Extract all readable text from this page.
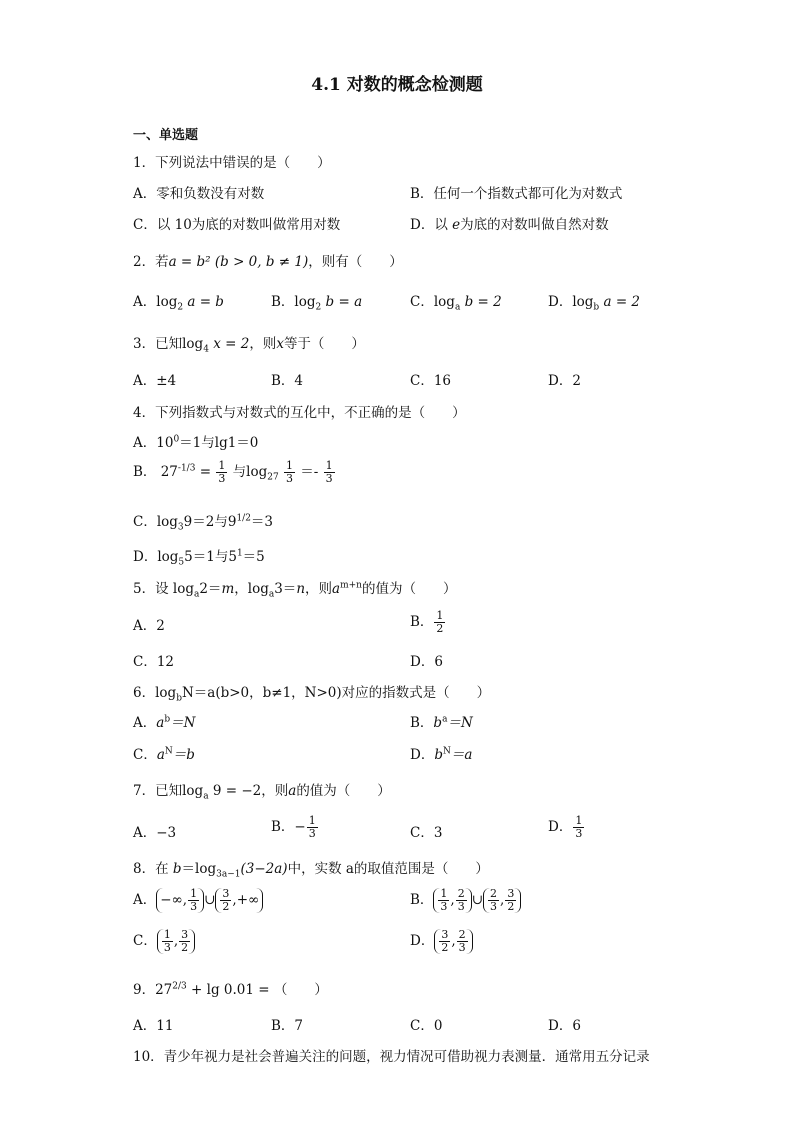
4.1 对数的概念检测题
一、单选题
1．下列说法中错误的是（　　）
A．零和负数没有对数	B．任何一个指数式都可化为对数式
C．以 10为底的对数叫做常用对数	D．以 e为底的对数叫做自然对数
2．若a = b² (b > 0, b ≠ 1)，则有（　　）
A．$\log_2 a = b$	B．$\log_2 b = a$	C．$\log_a b = 2$	D．$\log_b a = 2$
3．已知$\log_4 x = 2$，则x等于（　　）
A．±4	B．4	C．16	D．2
4．下列指数式与对数式的互化中，不正确的是（　　）
A．$10^0=1$与lg1＝0
B． $27^{-1/3} = \frac{1}{3}$ 与$\log_{27} \frac{1}{3} =- \frac{1}{3}$
C．$\log_39=2$与$9^{1/2}=3$
D．$\log_55=1$与$5^1=5$
5．设 $\log_a2=m$，$\log_a3=n$，则$a^{m+n}$的值为（　　）
A．2	B． $\frac{1}{2}$
C．12	D．6
6．$\log_bN=a(b>0$，b≠1，N>0)对应的指数式是（　　）
A．$a^b=N$	B．$b^a=N$
C．$a^N=b$	D．$b^N=a$
7．已知$\log_a 9 = -2$，则a的值为（　　）
A．−3	B．− $\frac{1}{3}$	C．3	D． $\frac{1}{3}$
8．在 $b=\log_{3a-1}(3-2a)$中，实数 a的取值范围是（　　）
A． −∞, $\frac{1}{3}$ ∪ $\frac{3}{2}$ ,+∞	B． $\frac{1}{3}$ , $\frac{2}{3}$ ∪ $\frac{2}{3}$ , $\frac{3}{2}$
C． $\frac{1}{3}$ , $\frac{3}{2}$	D． $\frac{3}{2}$ , $\frac{2}{3}$
9．$27^{2/3} + \lg 0.01$ = （　　）
A．11	B．7	C．0	D．6
10．青少年视力是社会普遍关注的问题，视力情况可借助视力表测量．通常用五分记录
